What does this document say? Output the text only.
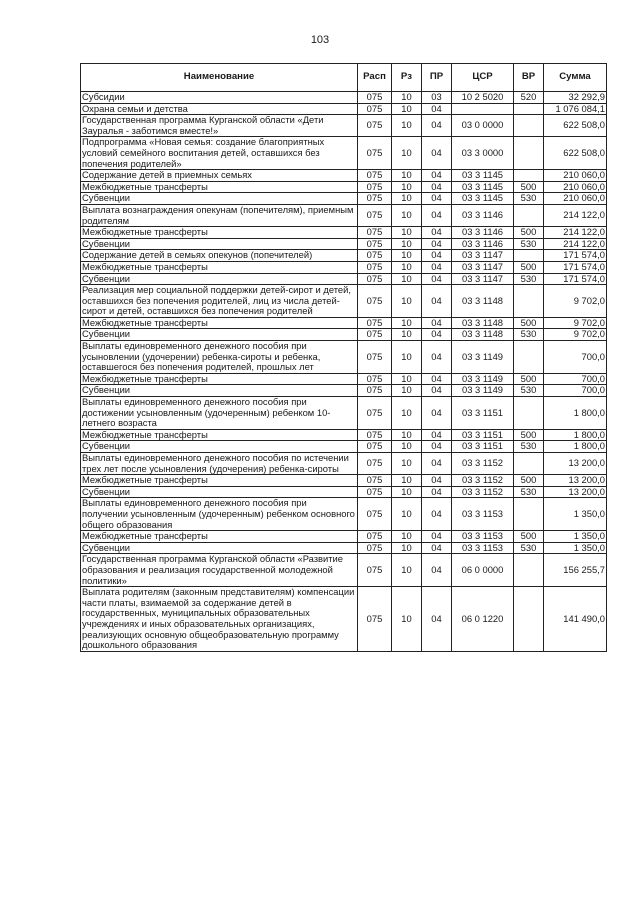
103
Наименование	Расп	Рз	ПР	ЦСР	ВР	Сумма
Субсидии	075	10	03	10 2 5020	520	32 292,9
Охрана семьи и детства	075	10	04			1 076 084,1
Государственная программа Курганской области «Дети Зауралья - заботимся вместе!»	075	10	04	03 0 0000		622 508,0
Подпрограмма «Новая семья: создание благоприятных условий семейного воспитания детей, оставшихся без попечения родителей»	075	10	04	03 3 0000		622 508,0
Содержание детей в приемных семьях	075	10	04	03 3 1145		210 060,0
Межбюджетные трансферты	075	10	04	03 3 1145	500	210 060,0
Субвенции	075	10	04	03 3 1145	530	210 060,0
Выплата вознаграждения опекунам (попечителям), приемным родителям	075	10	04	03 3 1146		214 122,0
Межбюджетные трансферты	075	10	04	03 3 1146	500	214 122,0
Субвенции	075	10	04	03 3 1146	530	214 122,0
Содержание детей в семьях опекунов (попечителей)	075	10	04	03 3 1147		171 574,0
Межбюджетные трансферты	075	10	04	03 3 1147	500	171 574,0
Субвенции	075	10	04	03 3 1147	530	171 574,0
Реализация мер социальной поддержки детей-сирот и детей, оставшихся без попечения родителей, лиц из числа детей-сирот и детей, оставшихся без попечения родителей	075	10	04	03 3 1148		9 702,0
Межбюджетные трансферты	075	10	04	03 3 1148	500	9 702,0
Субвенции	075	10	04	03 3 1148	530	9 702,0
Выплаты единовременного денежного пособия при усыновлении (удочерении) ребенка-сироты и ребенка, оставшегося без попечения родителей, прошлых лет	075	10	04	03 3 1149		700,0
Межбюджетные трансферты	075	10	04	03 3 1149	500	700,0
Субвенции	075	10	04	03 3 1149	530	700,0
Выплаты единовременного денежного пособия при достижении усыновленным (удочеренным) ребенком 10-летнего возраста	075	10	04	03 3 1151		1 800,0
Межбюджетные трансферты	075	10	04	03 3 1151	500	1 800,0
Субвенции	075	10	04	03 3 1151	530	1 800,0
Выплаты единовременного денежного пособия по истечении трех лет после усыновления (удочерения) ребенка-сироты	075	10	04	03 3 1152		13 200,0
Межбюджетные трансферты	075	10	04	03 3 1152	500	13 200,0
Субвенции	075	10	04	03 3 1152	530	13 200,0
Выплаты единовременного денежного пособия при получении усыновленным (удочеренным) ребенком основного общего образования	075	10	04	03 3 1153		1 350,0
Межбюджетные трансферты	075	10	04	03 3 1153	500	1 350,0
Субвенции	075	10	04	03 3 1153	530	1 350,0
Государственная программа Курганской области «Развитие образования и реализация государственной молодежной политики»	075	10	04	06 0 0000		156 255,7
Выплата родителям (законным представителям) компенсации части платы, взимаемой за содержание детей в государственных, муниципальных образовательных учреждениях и иных образовательных организациях, реализующих основную общеобразовательную программу дошкольного образования	075	10	04	06 0 1220		141 490,0
